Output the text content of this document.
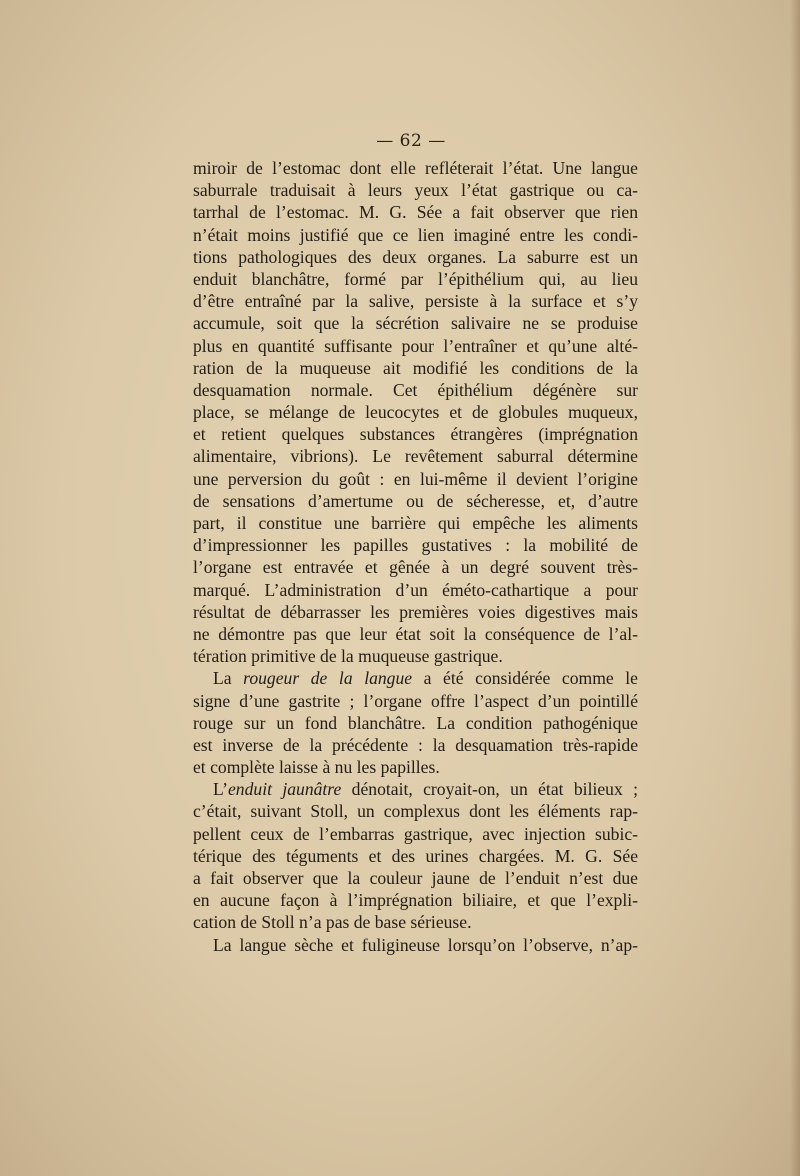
— 62 —

miroir de l’estomac dont elle refléterait l’état. Une langue
saburrale traduisait à leurs yeux l’état gastrique ou ca-
tarrhal de l’estomac. M. G. Sée a fait observer que rien
n’était moins justifié que ce lien imaginé entre les condi-
tions pathologiques des deux organes. La saburre est un
enduit blanchâtre, formé par l’épithélium qui, au lieu
d’être entraîné par la salive, persiste à la surface et s’y
accumule, soit que la sécrétion salivaire ne se produise
plus en quantité suffisante pour l’entraîner et qu’une alté-
ration de la muqueuse ait modifié les conditions de la
desquamation normale. Cet épithélium dégénère sur
place, se mélange de leucocytes et de globules muqueux,
et retient quelques substances étrangères (imprégnation
alimentaire, vibrions). Le revêtement saburral détermine
une perversion du goût : en lui-même il devient l’origine
de sensations d’amertume ou de sécheresse, et, d’autre
part, il constitue une barrière qui empêche les aliments
d’impressionner les papilles gustatives : la mobilité de
l’organe est entravée et gênée à un degré souvent très-
marqué. L’administration d’un émétо-cathartique a pour
résultat de débarrasser les premières voies digestives mais
ne démontre pas que leur état soit la conséquence de l’al-
tération primitive de la muqueuse gastrique.
La rougeur de la langue a été considérée comme le
signe d’une gastrite ; l’organe offre l’aspect d’un pointillé
rouge sur un fond blanchâtre. La condition pathogénique
est inverse de la précédente : la desquamation très-rapide
et complète laisse à nu les papilles.
L’enduit jaunâtre dénotait, croyait-on, un état bilieux ;
c’était, suivant Stoll, un complexus dont les éléments rap-
pellent ceux de l’embarras gastrique, avec injection subic-
térique des téguments et des urines chargées. M. G. Sée
a fait observer que la couleur jaune de l’enduit n’est due
en aucune façon à l’imprégnation biliaire, et que l’expli-
cation de Stoll n’a pas de base sérieuse.
La langue sèche et fuligineuse lorsqu’on l’observe, n’ap-
